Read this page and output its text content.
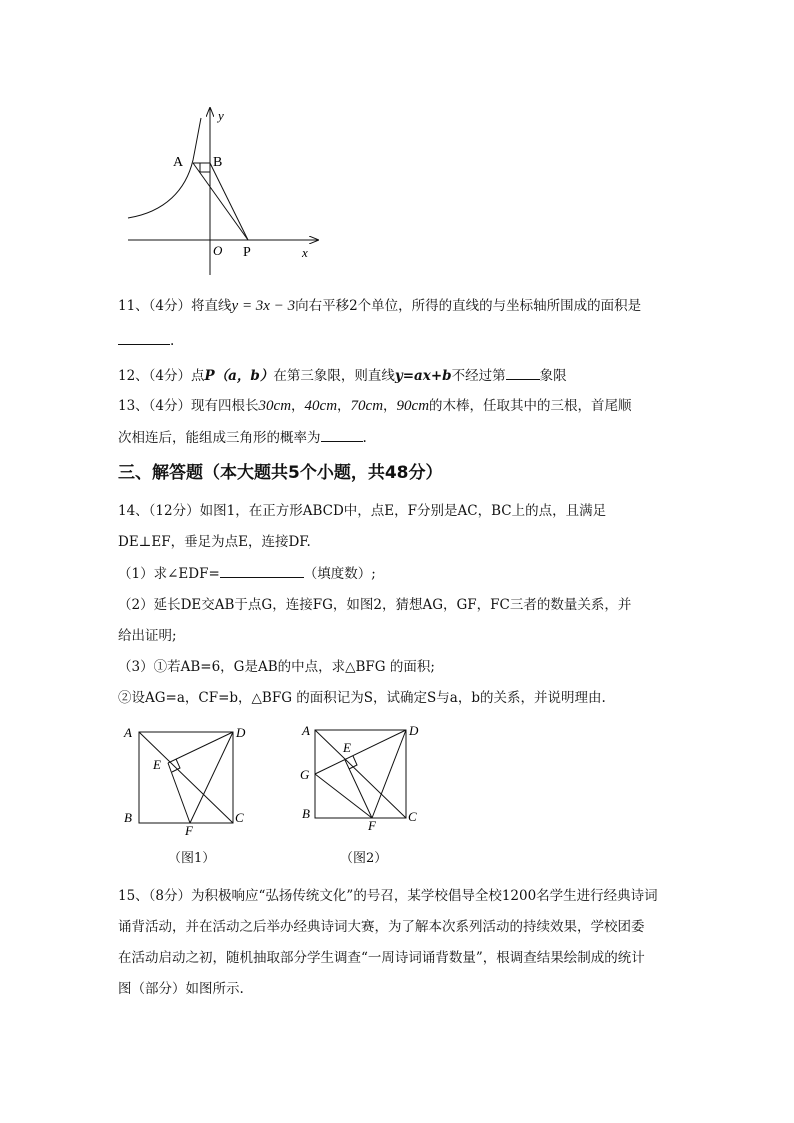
y
A B
O P	x
11、（4分）将直线y = 3x − 3向右平移2个单位，所得的直线的与坐标轴所围成的面积是
.
12、（4分）点P（a，b）在第三象限，则直线y=ax+b不经过第	象限
13、（4分）现有四根长30cm，40cm，70cm，90cm的木棒，任取其中的三根，首尾顺
次相连后，能组成三角形的概率为	.
三、解答题（本大题共5个小题，共48分）
14、（12分）如图1，在正方形ABCD中，点E，F分别是AC，BC上的点，且满足
DE⊥EF，垂足为点E，连接DF.
（1）求∠EDF=	（填度数）;
（2）延长DE交AB于点G，连接FG，如图2，猜想AG，GF，FC三者的数量关系，并
给出证明;
（3）①若AB=6，G是AB的中点，求△BFG 的面积;
②设AG=a，CF=b，△BFG 的面积记为S，试确定S与a，b的关系，并说明理由.
A	D
E
B
F
C
（图1）
A	D
E
G
B
F
C
（图2）
15、（8分）为积极响应“弘扬传统文化”的号召，某学校倡导全校1200名学生进行经典诗词
诵背活动，并在活动之后举办经典诗词大赛，为了解本次系列活动的持续效果，学校团委
在活动启动之初，随机抽取部分学生调查“一周诗词诵背数量”，根调查结果绘制成的统计
图（部分）如图所示.
